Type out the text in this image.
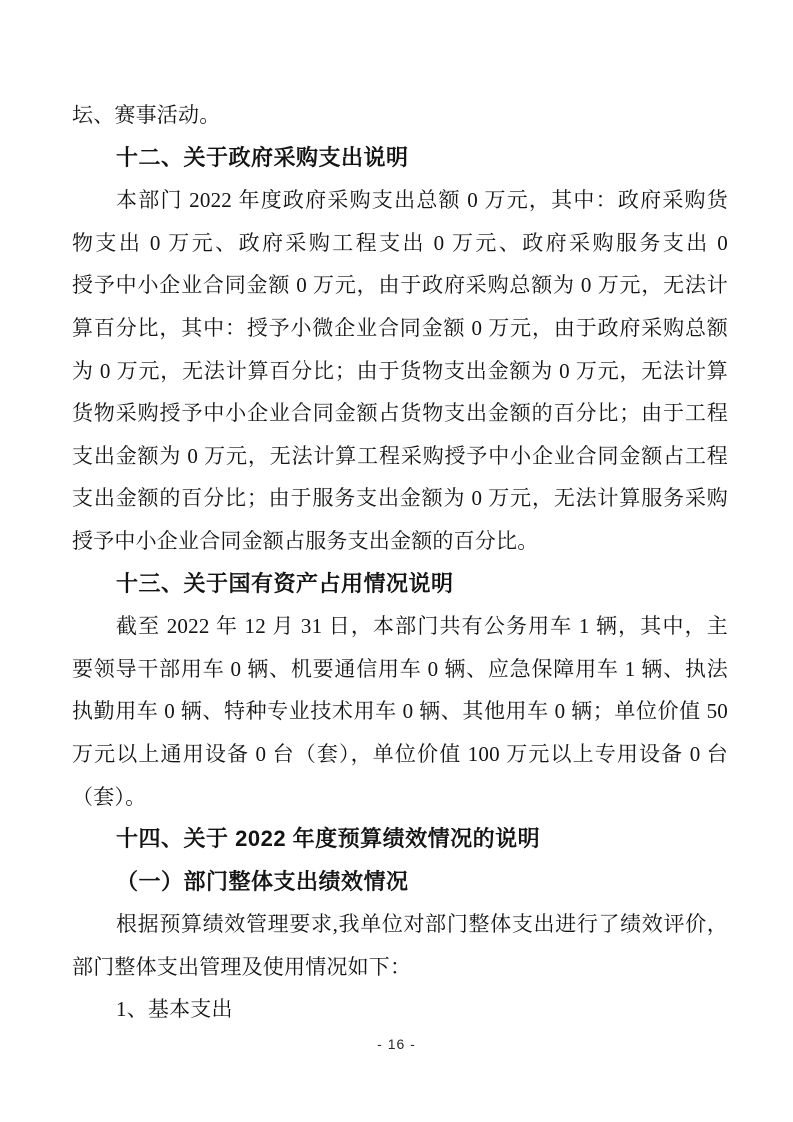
坛、赛事活动。
十二、关于政府采购支出说明
本部门 2022 年度政府采购支出总额 0 万元，其中：政府采购货
物支出 0 万元、政府采购工程支出 0 万元、政府采购服务支出 0
授予中小企业合同金额 0 万元，由于政府采购总额为 0 万元，无法计
算百分比，其中：授予小微企业合同金额 0 万元，由于政府采购总额
为 0 万元，无法计算百分比；由于货物支出金额为 0 万元，无法计算
货物采购授予中小企业合同金额占货物支出金额的百分比；由于工程
支出金额为 0 万元，无法计算工程采购授予中小企业合同金额占工程
支出金额的百分比；由于服务支出金额为 0 万元，无法计算服务采购
授予中小企业合同金额占服务支出金额的百分比。
十三、关于国有资产占用情况说明
截至 2022 年 12 月 31 日，本部门共有公务用车 1 辆，其中，主
要领导干部用车 0 辆、机要通信用车 0 辆、应急保障用车 1 辆、执法
执勤用车 0 辆、特种专业技术用车 0 辆、其他用车 0 辆；单位价值 50
万元以上通用设备 0 台（套），单位价值 100 万元以上专用设备 0 台
（套）。
十四、关于 2022 年度预算绩效情况的说明
（一）部门整体支出绩效情况
根据预算绩效管理要求,我单位对部门整体支出进行了绩效评价，
部门整体支出管理及使用情况如下：
1、基本支出
- 16 -
